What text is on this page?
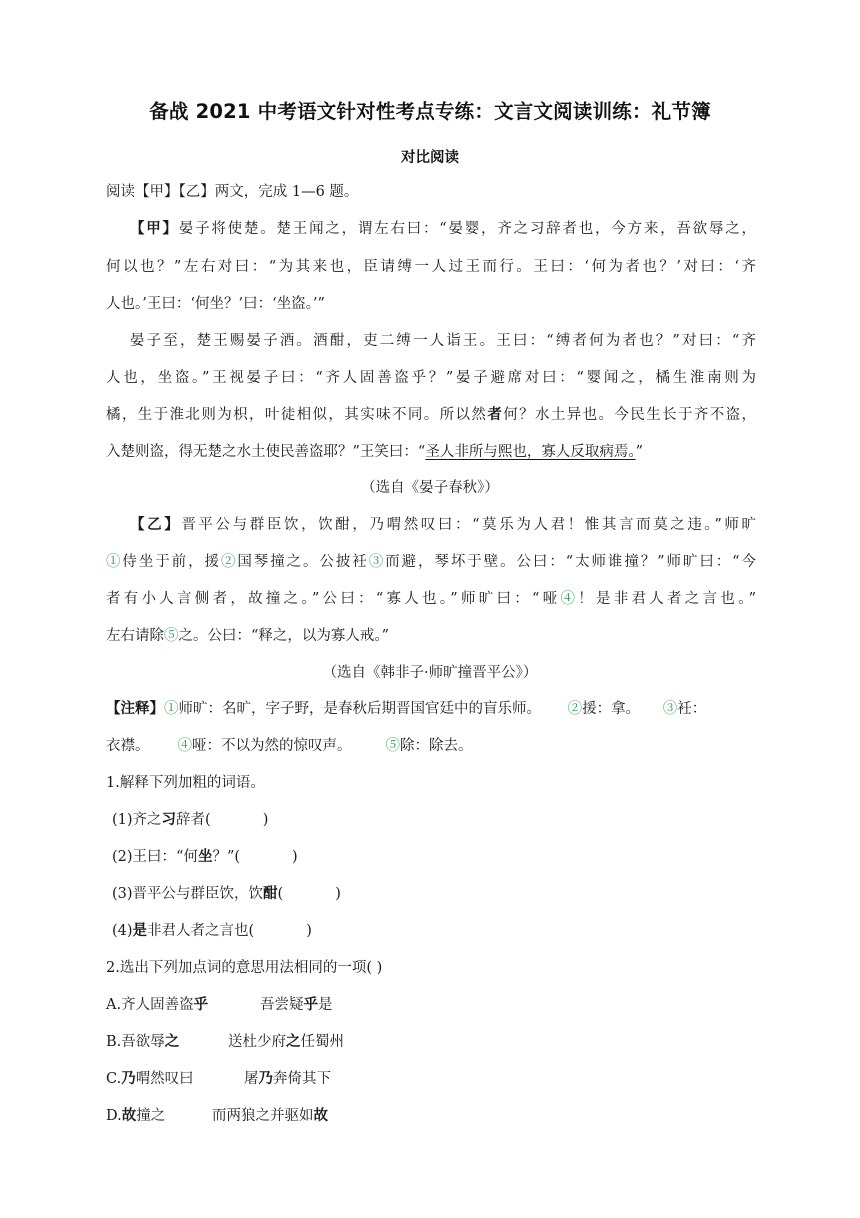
备战 2021 中考语文针对性考点专练：文言文阅读训练：礼节簿
对比阅读
阅读【甲】【乙】两文，完成 1—6 题。
【甲】晏子将使楚。楚王闻之，谓左右曰：“晏婴，齐之习辞者也，今方来，吾欲辱之，
何以也？”左右对曰：“为其来也，臣请缚一人过王而行。王曰：‘何为者也？’对曰：‘齐
人也。’王曰：‘何坐？’曰：‘坐盗。’”
晏子至，楚王赐晏子酒。酒酣，吏二缚一人诣王。王曰：“缚者何为者也？”对曰：“齐
人也，坐盗。”王视晏子曰：“齐人固善盗乎？”晏子避席对曰：“婴闻之，橘生淮南则为
橘，生于淮北则为枳，叶徒相似，其实味不同。所以然者何？水土异也。今民生长于齐不盗，
入楚则盗，得无楚之水土使民善盗耶？”王笑曰：“圣人非所与熙也，寡人反取病焉。”
（选自《晏子春秋》）
【乙】晋平公与群臣饮，饮酣，乃喟然叹曰：“莫乐为人君！惟其言而莫之违。”师旷
①侍坐于前，援②国琴撞之。公披衽③而避，琴坏于壁。公曰：“太师谁撞？”师旷曰：“今
者有小人言侧者，故撞之。”公曰：“寡人也。”师旷曰：“哑④！是非君人者之言也。”
左右请除⑤之。公曰：“释之，以为寡人戒。”
（选自《韩非子·师旷撞晋平公》）
【注释】①师旷：名旷，字子野，是春秋后期晋国官廷中的盲乐师。 ②援：拿。 ③衽：
衣襟。 ④哑：不以为然的惊叹声。 ⑤除：除去。
1.解释下列加粗的词语。
(1)齐之习辞者(	)
(2)王曰：“何坐？”(	)
(3)晋平公与群臣饮，饮酣(	)
(4)是非君人者之言也(	)
2.选出下列加点词的意思用法相同的一项( )
A.齐人固善盗乎	吾尝疑乎是
B.吾欲辱之	送杜少府之任蜀州
C.乃喟然叹曰	屠乃奔倚其下
D.故撞之	而两狼之并驱如故
